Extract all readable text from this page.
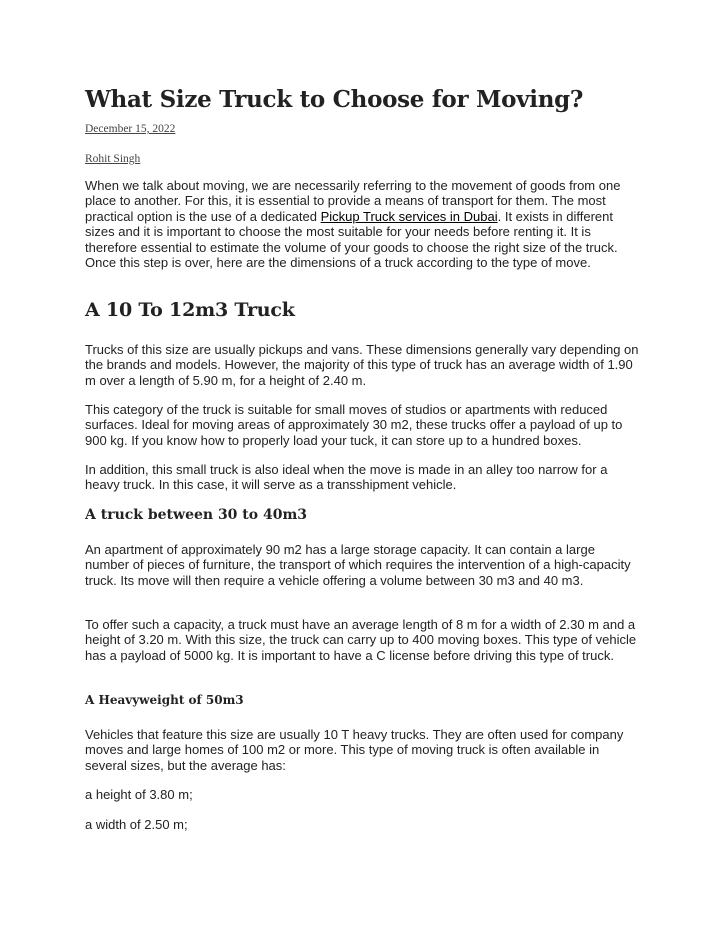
What Size Truck to Choose for Moving?
December 15, 2022
Rohit Singh

When we talk about moving, we are necessarily referring to the movement of goods from one place to another. For this, it is essential to provide a means of transport for them. The most practical option is the use of a dedicated Pickup Truck services in Dubai. It exists in different sizes and it is important to choose the most suitable for your needs before renting it. It is therefore essential to estimate the volume of your goods to choose the right size of the truck. Once this step is over, here are the dimensions of a truck according to the type of move.

A 10 To 12m3 Truck

Trucks of this size are usually pickups and vans. These dimensions generally vary depending on the brands and models. However, the majority of this type of truck has an average width of 1.90 m over a length of 5.90 m, for a height of 2.40 m.

This category of the truck is suitable for small moves of studios or apartments with reduced surfaces. Ideal for moving areas of approximately 30 m2, these trucks offer a payload of up to 900 kg. If you know how to properly load your tuck, it can store up to a hundred boxes.

In addition, this small truck is also ideal when the move is made in an alley too narrow for a heavy truck. In this case, it will serve as a transshipment vehicle.

A truck between 30 to 40m3

An apartment of approximately 90 m2 has a large storage capacity. It can contain a large number of pieces of furniture, the transport of which requires the intervention of a high-capacity truck. Its move will then require a vehicle offering a volume between 30 m3 and 40 m3.

To offer such a capacity, a truck must have an average length of 8 m for a width of 2.30 m and a height of 3.20 m. With this size, the truck can carry up to 400 moving boxes. This type of vehicle has a payload of 5000 kg. It is important to have a C license before driving this type of truck.

A Heavyweight of 50m3

Vehicles that feature this size are usually 10 T heavy trucks. They are often used for company moves and large homes of 100 m2 or more. This type of moving truck is often available in several sizes, but the average has:

a height of 3.80 m;

a width of 2.50 m;
